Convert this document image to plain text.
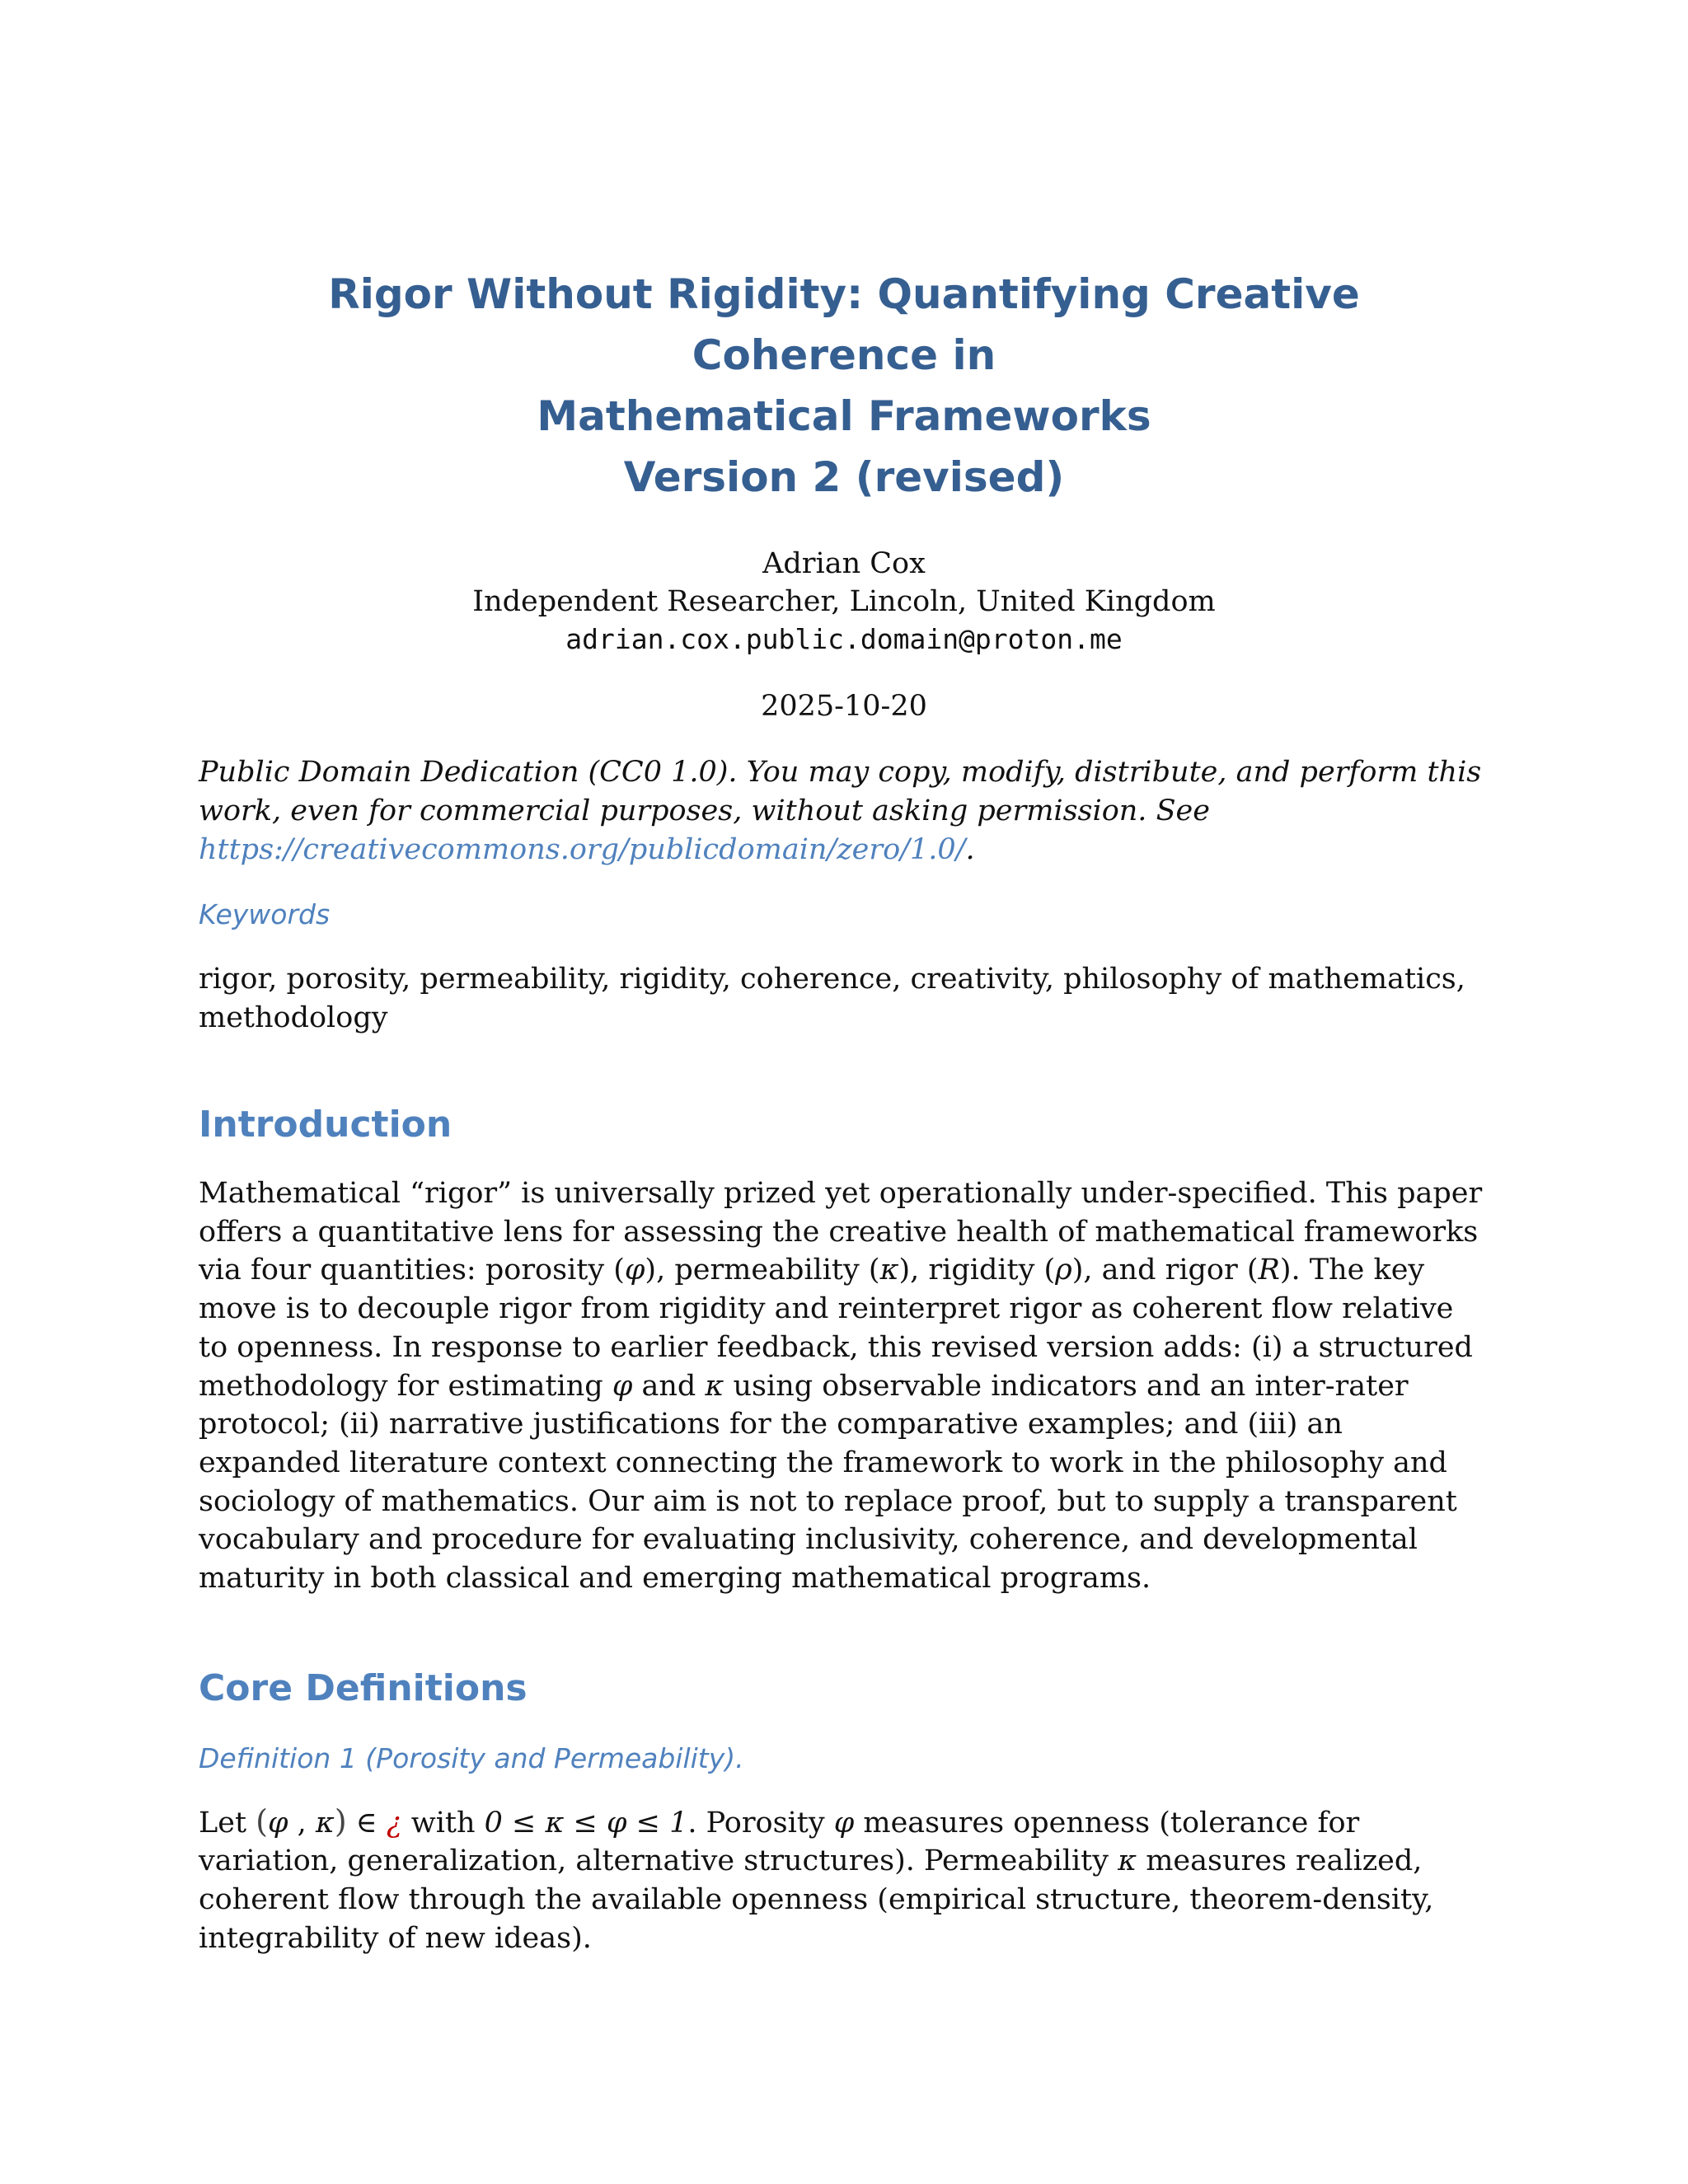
Rigor Without Rigidity: Quantifying Creative Coherence in
Mathematical Frameworks
Version 2 (revised)
Adrian Cox
Independent Researcher, Lincoln, United Kingdom
adrian.cox.public.domain@proton.me
2025-10-20
Public Domain Dedication (CC0 1.0). You may copy, modify, distribute, and perform this work, even for commercial purposes, without asking permission. See https://creativecommons.org/publicdomain/zero/1.0/.
Keywords
rigor, porosity, permeability, rigidity, coherence, creativity, philosophy of mathematics, methodology
Introduction

Mathematical “rigor” is universally prized yet operationally under-specified. This paper offers a quantitative lens for assessing the creative health of mathematical frameworks via four quantities: porosity (φ), permeability (κ), rigidity (ρ), and rigor (R). The key move is to decouple rigor from rigidity and reinterpret rigor as coherent flow relative to openness. In response to earlier feedback, this revised version adds: (i) a structured methodology for estimating φ and κ using observable indicators and an inter-rater protocol; (ii) narrative justifications for the comparative examples; and (iii) an expanded literature context connecting the framework to work in the philosophy and sociology of mathematics. Our aim is not to replace proof, but to supply a transparent vocabulary and procedure for evaluating inclusivity, coherence, and developmental maturity in both classical and emerging mathematical programs.

Core Definitions
Definition 1 (Porosity and Permeability).

Let (φ , κ) ∈ ¿ with 0 ≤ κ ≤ φ ≤ 1. Porosity φ measures openness (tolerance for variation, generalization, alternative structures). Permeability κ measures realized, coherent flow through the available openness (empirical structure, theorem-density, integrability of new ideas).
